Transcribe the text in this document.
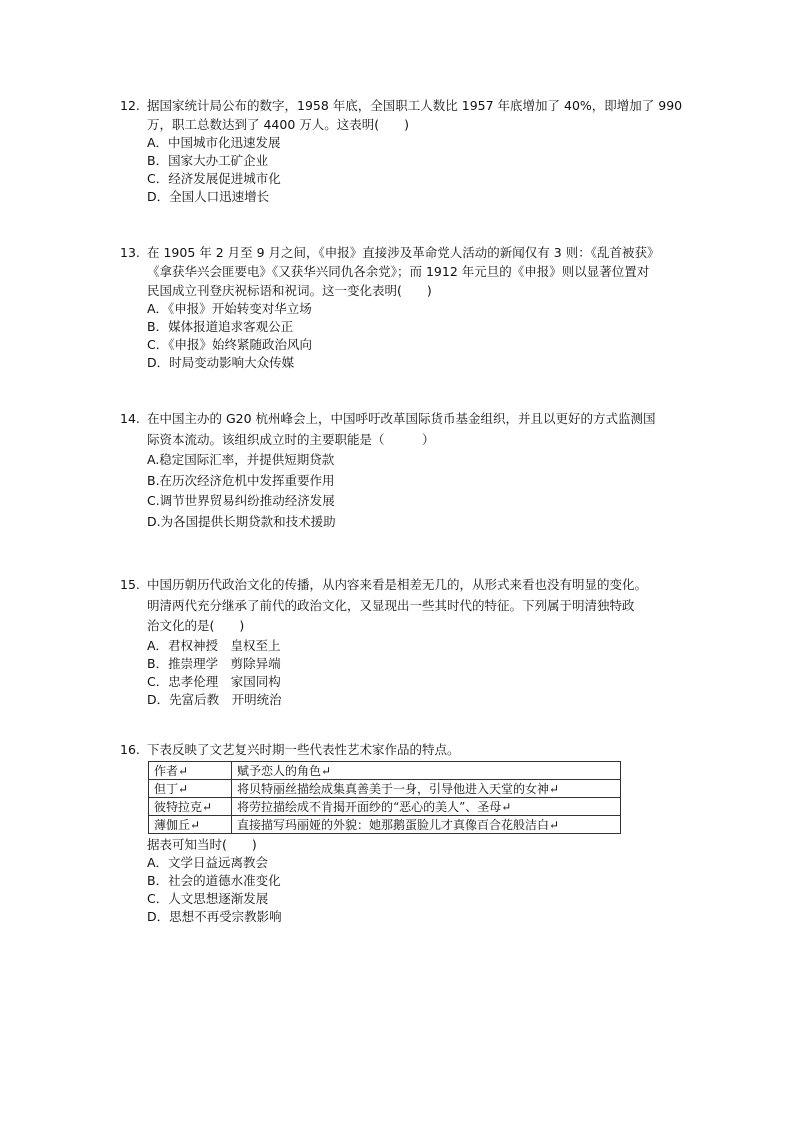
12. 据国家统计局公布的数字，1958 年底，全国职工人数比 1957 年底增加了 40%，即增加了 990
万，职工总数达到了 4400 万人。这表明(　　)
A．中国城市化迅速发展
B．国家大办工矿企业
C．经济发展促进城市化
D．全国人口迅速增长
13. 在 1905 年 2 月至 9 月之间，《申报》直接涉及革命党人活动的新闻仅有 3 则：《乱首被获》
《拿获华兴会匪要电》《又获华兴同仇各余党》；而 1912 年元旦的《申报》则以显著位置对
民国成立刊登庆祝标语和祝词。这一变化表明(　　)
A．《申报》开始转变对华立场
B．媒体报道追求客观公正
C．《申报》始终紧随政治风向
D．时局变动影响大众传媒
14. 在中国主办的 G20 杭州峰会上，中国呼吁改革国际货币基金组织，并且以更好的方式监测国
际资本流动。该组织成立时的主要职能是（　　　）
A.稳定国际汇率，并提供短期贷款
B.在历次经济危机中发挥重要作用
C.调节世界贸易纠纷推动经济发展
D.为各国提供长期贷款和技术援助
15. 中国历朝历代政治文化的传播，从内容来看是相差无几的，从形式来看也没有明显的变化。
明清两代充分继承了前代的政治文化，又显现出一些其时代的特征。下列属于明清独特政
治文化的是(　　)
A．君权神授　皇权至上
B．推崇理学　剪除异端
C．忠孝伦理　家国同构
D．先富后教　开明统治
16. 下表反映了文艺复兴时期一些代表性艺术家作品的特点。
作者↵	赋予恋人的角色↵
但丁↵	将贝特丽丝描绘成集真善美于一身，引导他进入天堂的女神↵
彼特拉克↵	将劳拉描绘成不肯揭开面纱的“恶心的美人”、圣母↵
薄伽丘↵	直接描写玛丽娅的外貌：她那鹅蛋脸儿才真像百合花般洁白↵
据表可知当时(　　)
A．文学日益远离教会
B．社会的道德水准变化
C．人文思想逐渐发展
D．思想不再受宗教影响
